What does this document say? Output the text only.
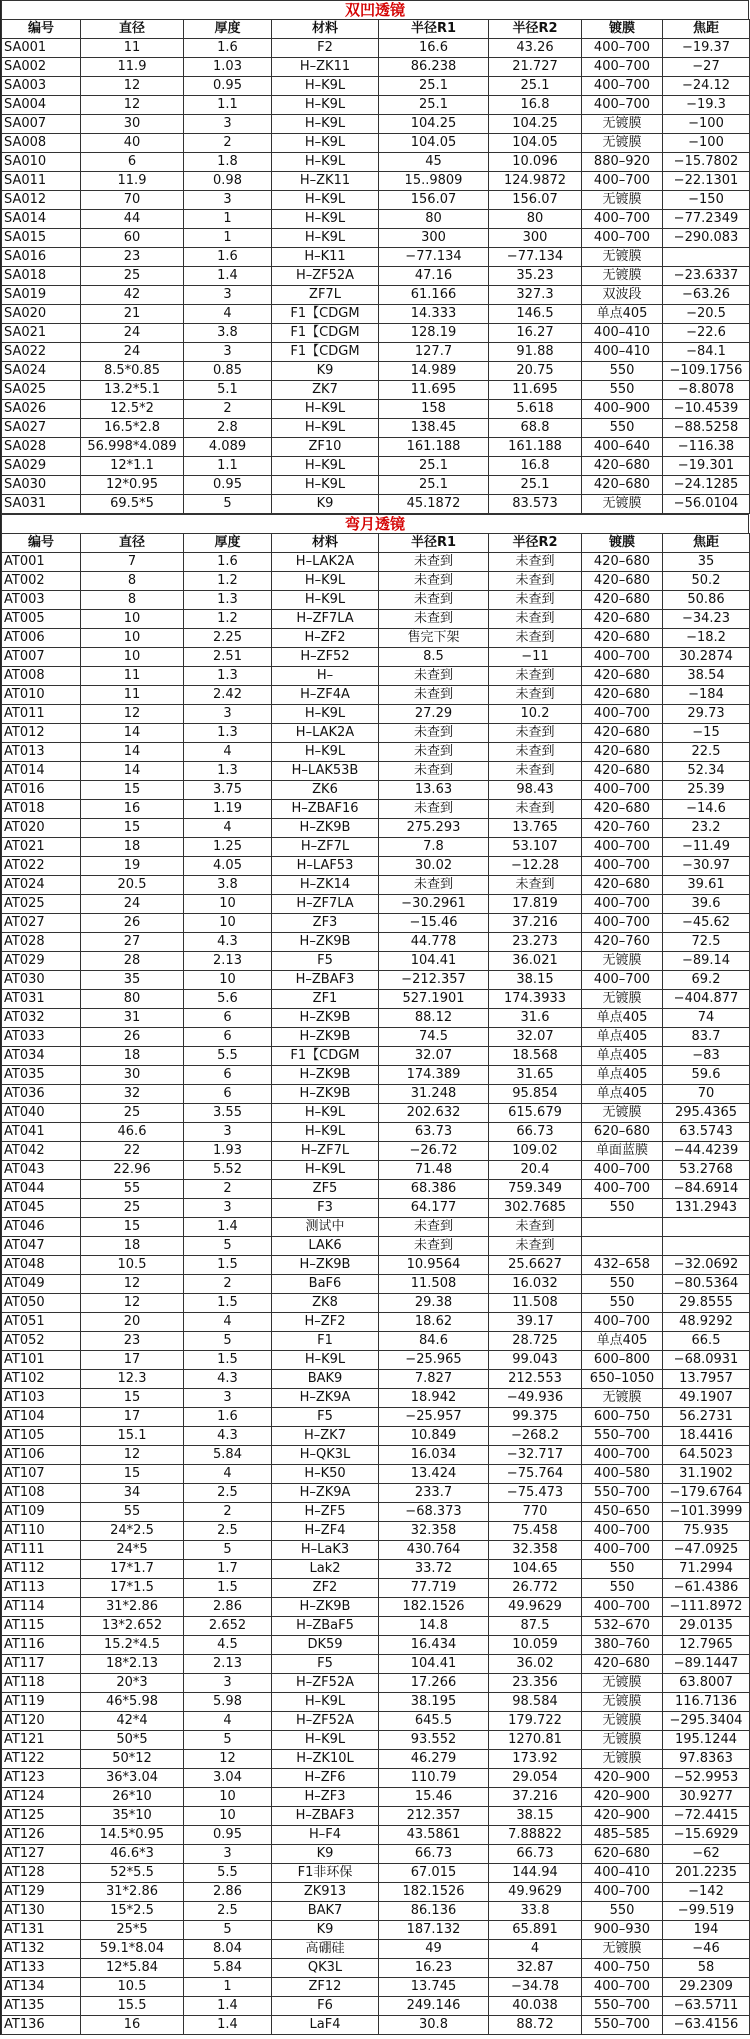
双凹透镜
编号	直径	厚度	材料	半径R1	半径R2	镀膜	焦距
SA001	11	1.6	F2	16.6	43.26	400–700	−19.37
SA002	11.9	1.03	H–ZK11	86.238	21.727	400–700	−27
SA003	12	0.95	H–K9L	25.1	25.1	400–700	−24.12
SA004	12	1.1	H–K9L	25.1	16.8	400–700	−19.3
SA007	30	3	H–K9L	104.25	104.25	无镀膜	−100
SA008	40	2	H–K9L	104.05	104.05	无镀膜	−100
SA010	6	1.8	H–K9L	45	10.096	880–920	−15.7802
SA011	11.9	0.98	H–ZK11	15..9809	124.9872	400–700	−22.1301
SA012	70	3	H–K9L	156.07	156.07	无镀膜	−150
SA014	44	1	H–K9L	80	80	400–700	−77.2349
SA015	60	1	H–K9L	300	300	400–700	−290.083
SA016	23	1.6	H–K11	−77.134	−77.134	无镀膜	
SA018	25	1.4	H–ZF52A	47.16	35.23	无镀膜	−23.6337
SA019	42	3	ZF7L	61.166	327.3	双波段	−63.26
SA020	21	4	F1【CDGM	14.333	146.5	单点405	−20.5
SA021	24	3.8	F1【CDGM	128.19	16.27	400–410	−22.6
SA022	24	3	F1【CDGM	127.7	91.88	400–410	−84.1
SA024	8.5*0.85	0.85	K9	14.989	20.75	550	−109.1756
SA025	13.2*5.1	5.1	ZK7	11.695	11.695	550	−8.8078
SA026	12.5*2	2	H–K9L	158	5.618	400–900	−10.4539
SA027	16.5*2.8	2.8	H–K9L	138.45	68.8	550	−88.5258
SA028	56.998*4.089	4.089	ZF10	161.188	161.188	400–640	−116.38
SA029	12*1.1	1.1	H–K9L	25.1	16.8	420–680	−19.301
SA030	12*0.95	0.95	H–K9L	25.1	25.1	420–680	−24.1285
SA031	69.5*5	5	K9	45.1872	83.573	无镀膜	−56.0104
弯月透镜
编号	直径	厚度	材料	半径R1	半径R2	镀膜	焦距
AT001	7	1.6	H–LAK2A	未查到	未查到	420–680	35
AT002	8	1.2	H–K9L	未查到	未查到	420–680	50.2
AT003	8	1.3	H–K9L	未查到	未查到	420–680	50.86
AT005	10	1.2	H–ZF7LA	未查到	未查到	420–680	−34.23
AT006	10	2.25	H–ZF2	售完下架	未查到	420–680	−18.2
AT007	10	2.51	H–ZF52	8.5	−11	400–700	30.2874
AT008	11	1.3	H–	未查到	未查到	420–680	38.54
AT010	11	2.42	H–ZF4A	未查到	未查到	420–680	−184
AT011	12	3	H–K9L	27.29	10.2	400–700	29.73
AT012	14	1.3	H–LAK2A	未查到	未查到	420–680	−15
AT013	14	4	H–K9L	未查到	未查到	420–680	22.5
AT014	14	1.3	H–LAK53B	未查到	未查到	420–680	52.34
AT016	15	3.75	ZK6	13.63	98.43	400–700	25.39
AT018	16	1.19	H–ZBAF16	未查到	未查到	420–680	−14.6
AT020	15	4	H–ZK9B	275.293	13.765	420–760	23.2
AT021	18	1.25	H–ZF7L	7.8	53.107	400–700	−11.49
AT022	19	4.05	H–LAF53	30.02	−12.28	400–700	−30.97
AT024	20.5	3.8	H–ZK14	未查到	未查到	420–680	39.61
AT025	24	10	H–ZF7LA	−30.2961	17.819	400–700	39.6
AT027	26	10	ZF3	−15.46	37.216	400–700	−45.62
AT028	27	4.3	H–ZK9B	44.778	23.273	420–760	72.5
AT029	28	2.13	F5	104.41	36.021	无镀膜	−89.14
AT030	35	10	H–ZBAF3	−212.357	38.15	400–700	69.2
AT031	80	5.6	ZF1	527.1901	174.3933	无镀膜	−404.877
AT032	31	6	H–ZK9B	88.12	31.6	单点405	74
AT033	26	6	H–ZK9B	74.5	32.07	单点405	83.7
AT034	18	5.5	F1【CDGM	32.07	18.568	单点405	−83
AT035	30	6	H–ZK9B	174.389	31.65	单点405	59.6
AT036	32	6	H–ZK9B	31.248	95.854	单点405	70
AT040	25	3.55	H–K9L	202.632	615.679	无镀膜	295.4365
AT041	46.6	3	H–K9L	63.73	66.73	620–680	63.5743
AT042	22	1.93	H–ZF7L	−26.72	109.02	单面蓝膜	−44.4239
AT043	22.96	5.52	H–K9L	71.48	20.4	400–700	53.2768
AT044	55	2	ZF5	68.386	759.349	400–700	−84.6914
AT045	25	3	F3	64.177	302.7685	550	131.2943
AT046	15	1.4	测试中	未查到	未查到		
AT047	18	5	LAK6	未查到	未查到		
AT048	10.5	1.5	H–ZK9B	10.9564	25.6627	432–658	−32.0692
AT049	12	2	BaF6	11.508	16.032	550	−80.5364
AT050	12	1.5	ZK8	29.38	11.508	550	29.8555
AT051	20	4	H–ZF2	18.62	39.17	400–700	48.9292
AT052	23	5	F1	84.6	28.725	单点405	66.5
AT101	17	1.5	H–K9L	−25.965	99.043	600–800	−68.0931
AT102	12.3	4.3	BAK9	7.827	212.553	650–1050	13.7957
AT103	15	3	H–ZK9A	18.942	−49.936	无镀膜	49.1907
AT104	17	1.6	F5	−25.957	99.375	600–750	56.2731
AT105	15.1	4.3	H–ZK7	10.849	−268.2	550–700	18.4416
AT106	12	5.84	H–QK3L	16.034	−32.717	400–700	64.5023
AT107	15	4	H–K50	13.424	−75.764	400–580	31.1902
AT108	34	2.5	H–ZK9A	233.7	−75.473	550–700	−179.6764
AT109	55	2	H–ZF5	−68.373	770	450–650	−101.3999
AT110	24*2.5	2.5	H–ZF4	32.358	75.458	400–700	75.935
AT111	24*5	5	H–LaK3	430.764	32.358	400–700	−47.0925
AT112	17*1.7	1.7	Lak2	33.72	104.65	550	71.2994
AT113	17*1.5	1.5	ZF2	77.719	26.772	550	−61.4386
AT114	31*2.86	2.86	H–ZK9B	182.1526	49.9629	400–700	−111.8972
AT115	13*2.652	2.652	H–ZBaF5	14.8	87.5	532–670	29.0135
AT116	15.2*4.5	4.5	DK59	16.434	10.059	380–760	12.7965
AT117	18*2.13	2.13	F5	104.41	36.02	420–680	−89.1447
AT118	20*3	3	H–ZF52A	17.266	23.356	无镀膜	63.8007
AT119	46*5.98	5.98	H–K9L	38.195	98.584	无镀膜	116.7136
AT120	42*4	4	H–ZF52A	645.5	179.722	无镀膜	−295.3404
AT121	50*5	5	H–K9L	93.552	1270.81	无镀膜	195.1244
AT122	50*12	12	H–ZK10L	46.279	173.92	无镀膜	97.8363
AT123	36*3.04	3.04	H–ZF6	110.79	29.054	420–900	−52.9953
AT124	26*10	10	H–ZF3	15.46	37.216	420–900	30.9277
AT125	35*10	10	H–ZBAF3	212.357	38.15	420–900	−72.4415
AT126	14.5*0.95	0.95	H–F4	43.5861	7.88822	485–585	−15.6929
AT127	46.6*3	3	K9	66.73	66.73	620–680	−62
AT128	52*5.5	5.5	F1非环保	67.015	144.94	400–410	201.2235
AT129	31*2.86	2.86	ZK913	182.1526	49.9629	400–700	−142
AT130	15*2.5	2.5	BAK7	86.136	33.8	550	−99.519
AT131	25*5	5	K9	187.132	65.891	900–930	194
AT132	59.1*8.04	8.04	高硼硅	49	4	无镀膜	−46
AT133	12*5.84	5.84	QK3L	16.23	32.87	400–750	58
AT134	10.5	1	ZF12	13.745	−34.78	400–700	29.2309
AT135	15.5	1.4	F6	249.146	40.038	550–700	−63.5711
AT136	16	1.4	LaF4	30.8	88.72	550–700	−63.4156
